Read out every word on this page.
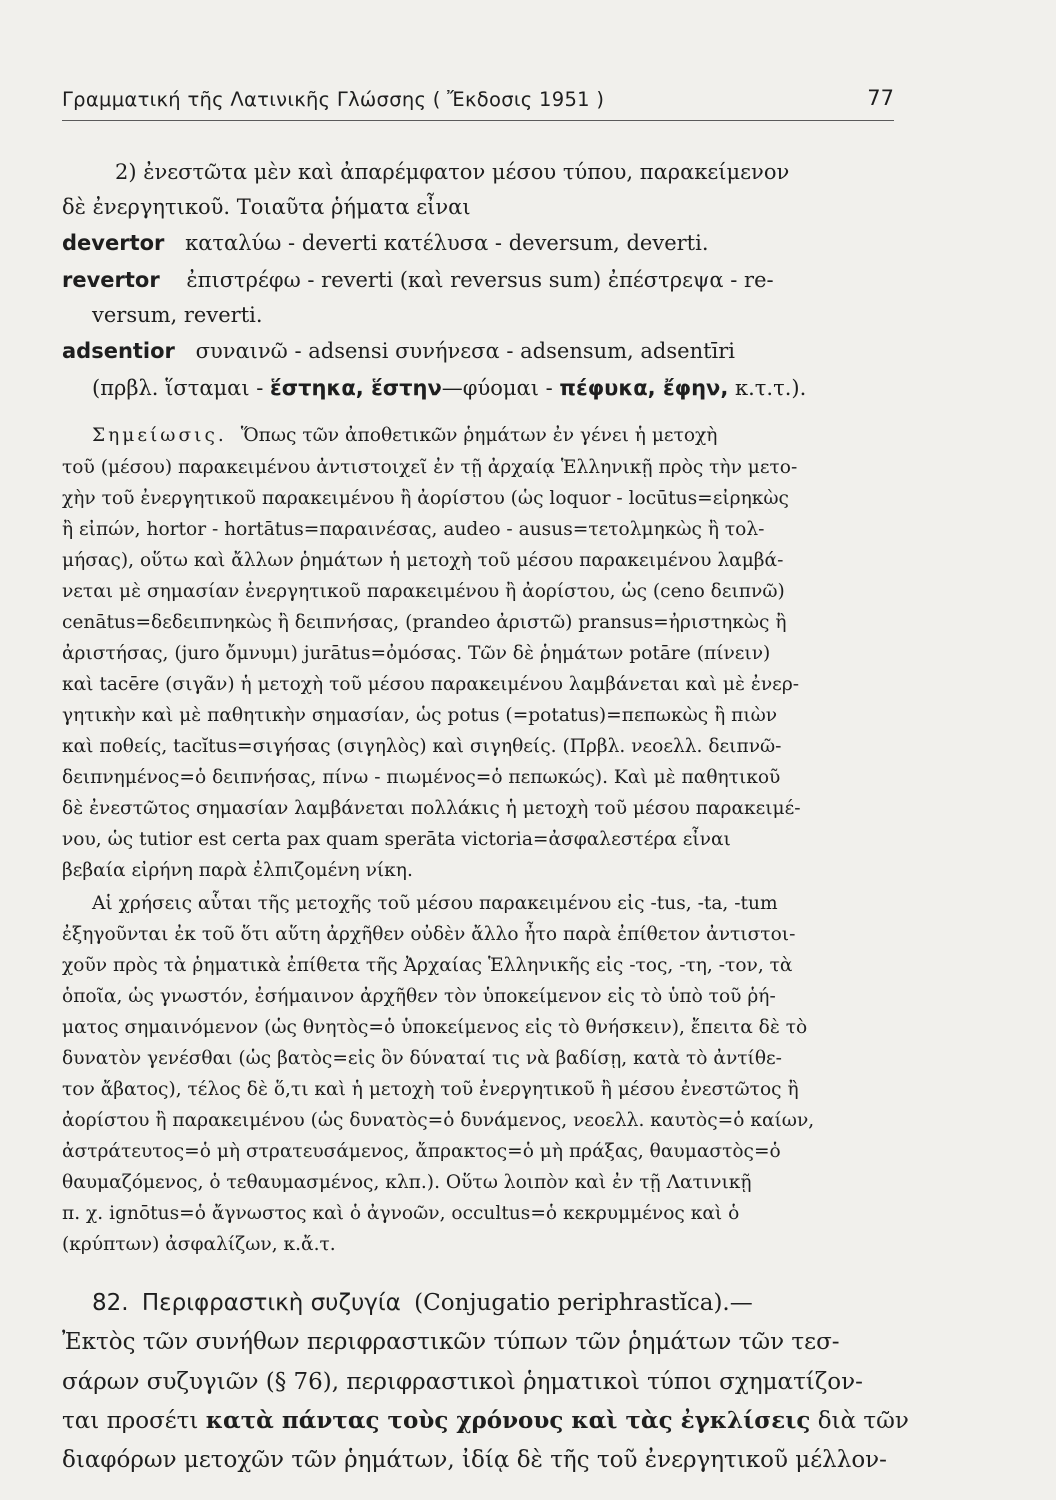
Γραμματική τῆς Λατινικῆς Γλώσσης ( Ἔκδοσις 1951 )	77
2) ἐνεστῶτα μὲν καὶ ἀπαρέμφατον μέσου τύπου, παρακείμενον
δὲ ἐνεργητικοῦ. Τοιαῦτα ῥήματα εἶναι
devertor καταλύω - deverti κατέλυσα - deversum, deverti.
revertor ἐπιστρέφω - reverti (καὶ reversus sum) ἐπέστρεψα - re-
versum, reverti.
adsentior συναινῶ - adsensi συνήνεσα - adsensum, adsentīri
(πρβλ. ἵσταμαι - ἕστηκα, ἕστην—φύομαι - πέφυκα, ἔφην, κ.τ.τ.).
Σημείωσις. Ὅπως τῶν ἀποθετικῶν ῥημάτων ἐν γένει ἡ μετοχὴ
τοῦ (μέσου) παρακειμένου ἀντιστοιχεῖ ἐν τῇ ἀρχαίᾳ Ἑλληνικῇ πρὸς τὴν μετο-
χὴν τοῦ ἐνεργητικοῦ παρακειμένου ἢ ἀορίστου (ὡς loquor - locūtus=εἰρηκὼς
ἢ εἰπών, hortor - hortātus=παραινέσας, audeo - ausus=τετολμηκὼς ἢ τολ-
μήσας), οὕτω καὶ ἄλλων ῥημάτων ἡ μετοχὴ τοῦ μέσου παρακειμένου λαμβά-
νεται μὲ σημασίαν ἐνεργητικοῦ παρακειμένου ἢ ἀορίστου, ὡς (ceno δειπνῶ)
cenātus=δεδειπνηκὼς ἢ δειπνήσας, (prandeo ἀριστῶ) pransus=ἠριστηκὼς ἢ
ἀριστήσας, (juro ὄμνυμι) jurātus=ὀμόσας. Τῶν δὲ ῥημάτων potāre (πίνειν)
καὶ tacēre (σιγᾶν) ἡ μετοχὴ τοῦ μέσου παρακειμένου λαμβάνεται καὶ μὲ ἐνερ-
γητικὴν καὶ μὲ παθητικὴν σημασίαν, ὡς potus (=potatus)=πεπωκὼς ἢ πιὼν
καὶ ποθείς, tacĭtus=σιγήσας (σιγηλὸς) καὶ σιγηθείς. (Πρβλ. νεοελλ. δειπνῶ-
δειπνημένος=ὁ δειπνήσας, πίνω - πιωμένος=ὁ πεπωκώς). Καὶ μὲ παθητικοῦ
δὲ ἐνεστῶτος σημασίαν λαμβάνεται πολλάκις ἡ μετοχὴ τοῦ μέσου παρακειμέ-
νου, ὡς tutior est certa pax quam sperāta victoria=ἀσφαλεστέρα εἶναι
βεβαία εἰρήνη παρὰ ἐλπιζομένη νίκη.
Αἱ χρήσεις αὗται τῆς μετοχῆς τοῦ μέσου παρακειμένου εἰς -tus, -ta, -tum
ἐξηγοῦνται ἐκ τοῦ ὅτι αὕτη ἀρχῆθεν οὐδὲν ἄλλο ἦτο παρὰ ἐπίθετον ἀντιστοι-
χοῦν πρὸς τὰ ῥηματικὰ ἐπίθετα τῆς Ἀρχαίας Ἑλληνικῆς εἰς -τος, -τη, -τον, τὰ
ὁποῖα, ὡς γνωστόν, ἐσήμαινον ἀρχῆθεν τὸν ὑποκείμενον εἰς τὸ ὑπὸ τοῦ ῥή-
ματος σημαινόμενον (ὡς θνητὸς=ὁ ὑποκείμενος εἰς τὸ θνήσκειν), ἔπειτα δὲ τὸ
δυνατὸν γενέσθαι (ὡς βατὸς=εἰς ὃν δύναταί τις νὰ βαδίσῃ, κατὰ τὸ ἀντίθε-
τον ἄβατος), τέλος δὲ ὅ,τι καὶ ἡ μετοχὴ τοῦ ἐνεργητικοῦ ἢ μέσου ἐνεστῶτος ἢ
ἀορίστου ἢ παρακειμένου (ὡς δυνατὸς=ὁ δυνάμενος, νεοελλ. καυτὸς=ὁ καίων,
ἀστράτευτος=ὁ μὴ στρατευσάμενος, ἄπρακτος=ὁ μὴ πράξας, θαυμαστὸς=ὁ
θαυμαζόμενος, ὁ τεθαυμασμένος, κλπ.). Οὕτω λοιπὸν καὶ ἐν τῇ Λατινικῇ
π. χ. ignōtus=ὁ ἄγνωστος καὶ ὁ ἀγνοῶν, occultus=ὁ κεκρυμμένος καὶ ὁ
(κρύπτων) ἀσφαλίζων, κ.ἄ.τ.
82. Περιφραστικὴ συζυγία (Conjugatio periphrastĭca).—
Ἐκτὸς τῶν συνήθων περιφραστικῶν τύπων τῶν ῥημάτων τῶν τεσ-
σάρων συζυγιῶν (§ 76), περιφραστικοὶ ῥηματικοὶ τύποι σχηματίζον-
ται προσέτι κατὰ πάντας τοὺς χρόνους καὶ τὰς ἐγκλίσεις διὰ τῶν
διαφόρων μετοχῶν τῶν ῥημάτων, ἰδίᾳ δὲ τῆς τοῦ ἐνεργητικοῦ μέλλον-
